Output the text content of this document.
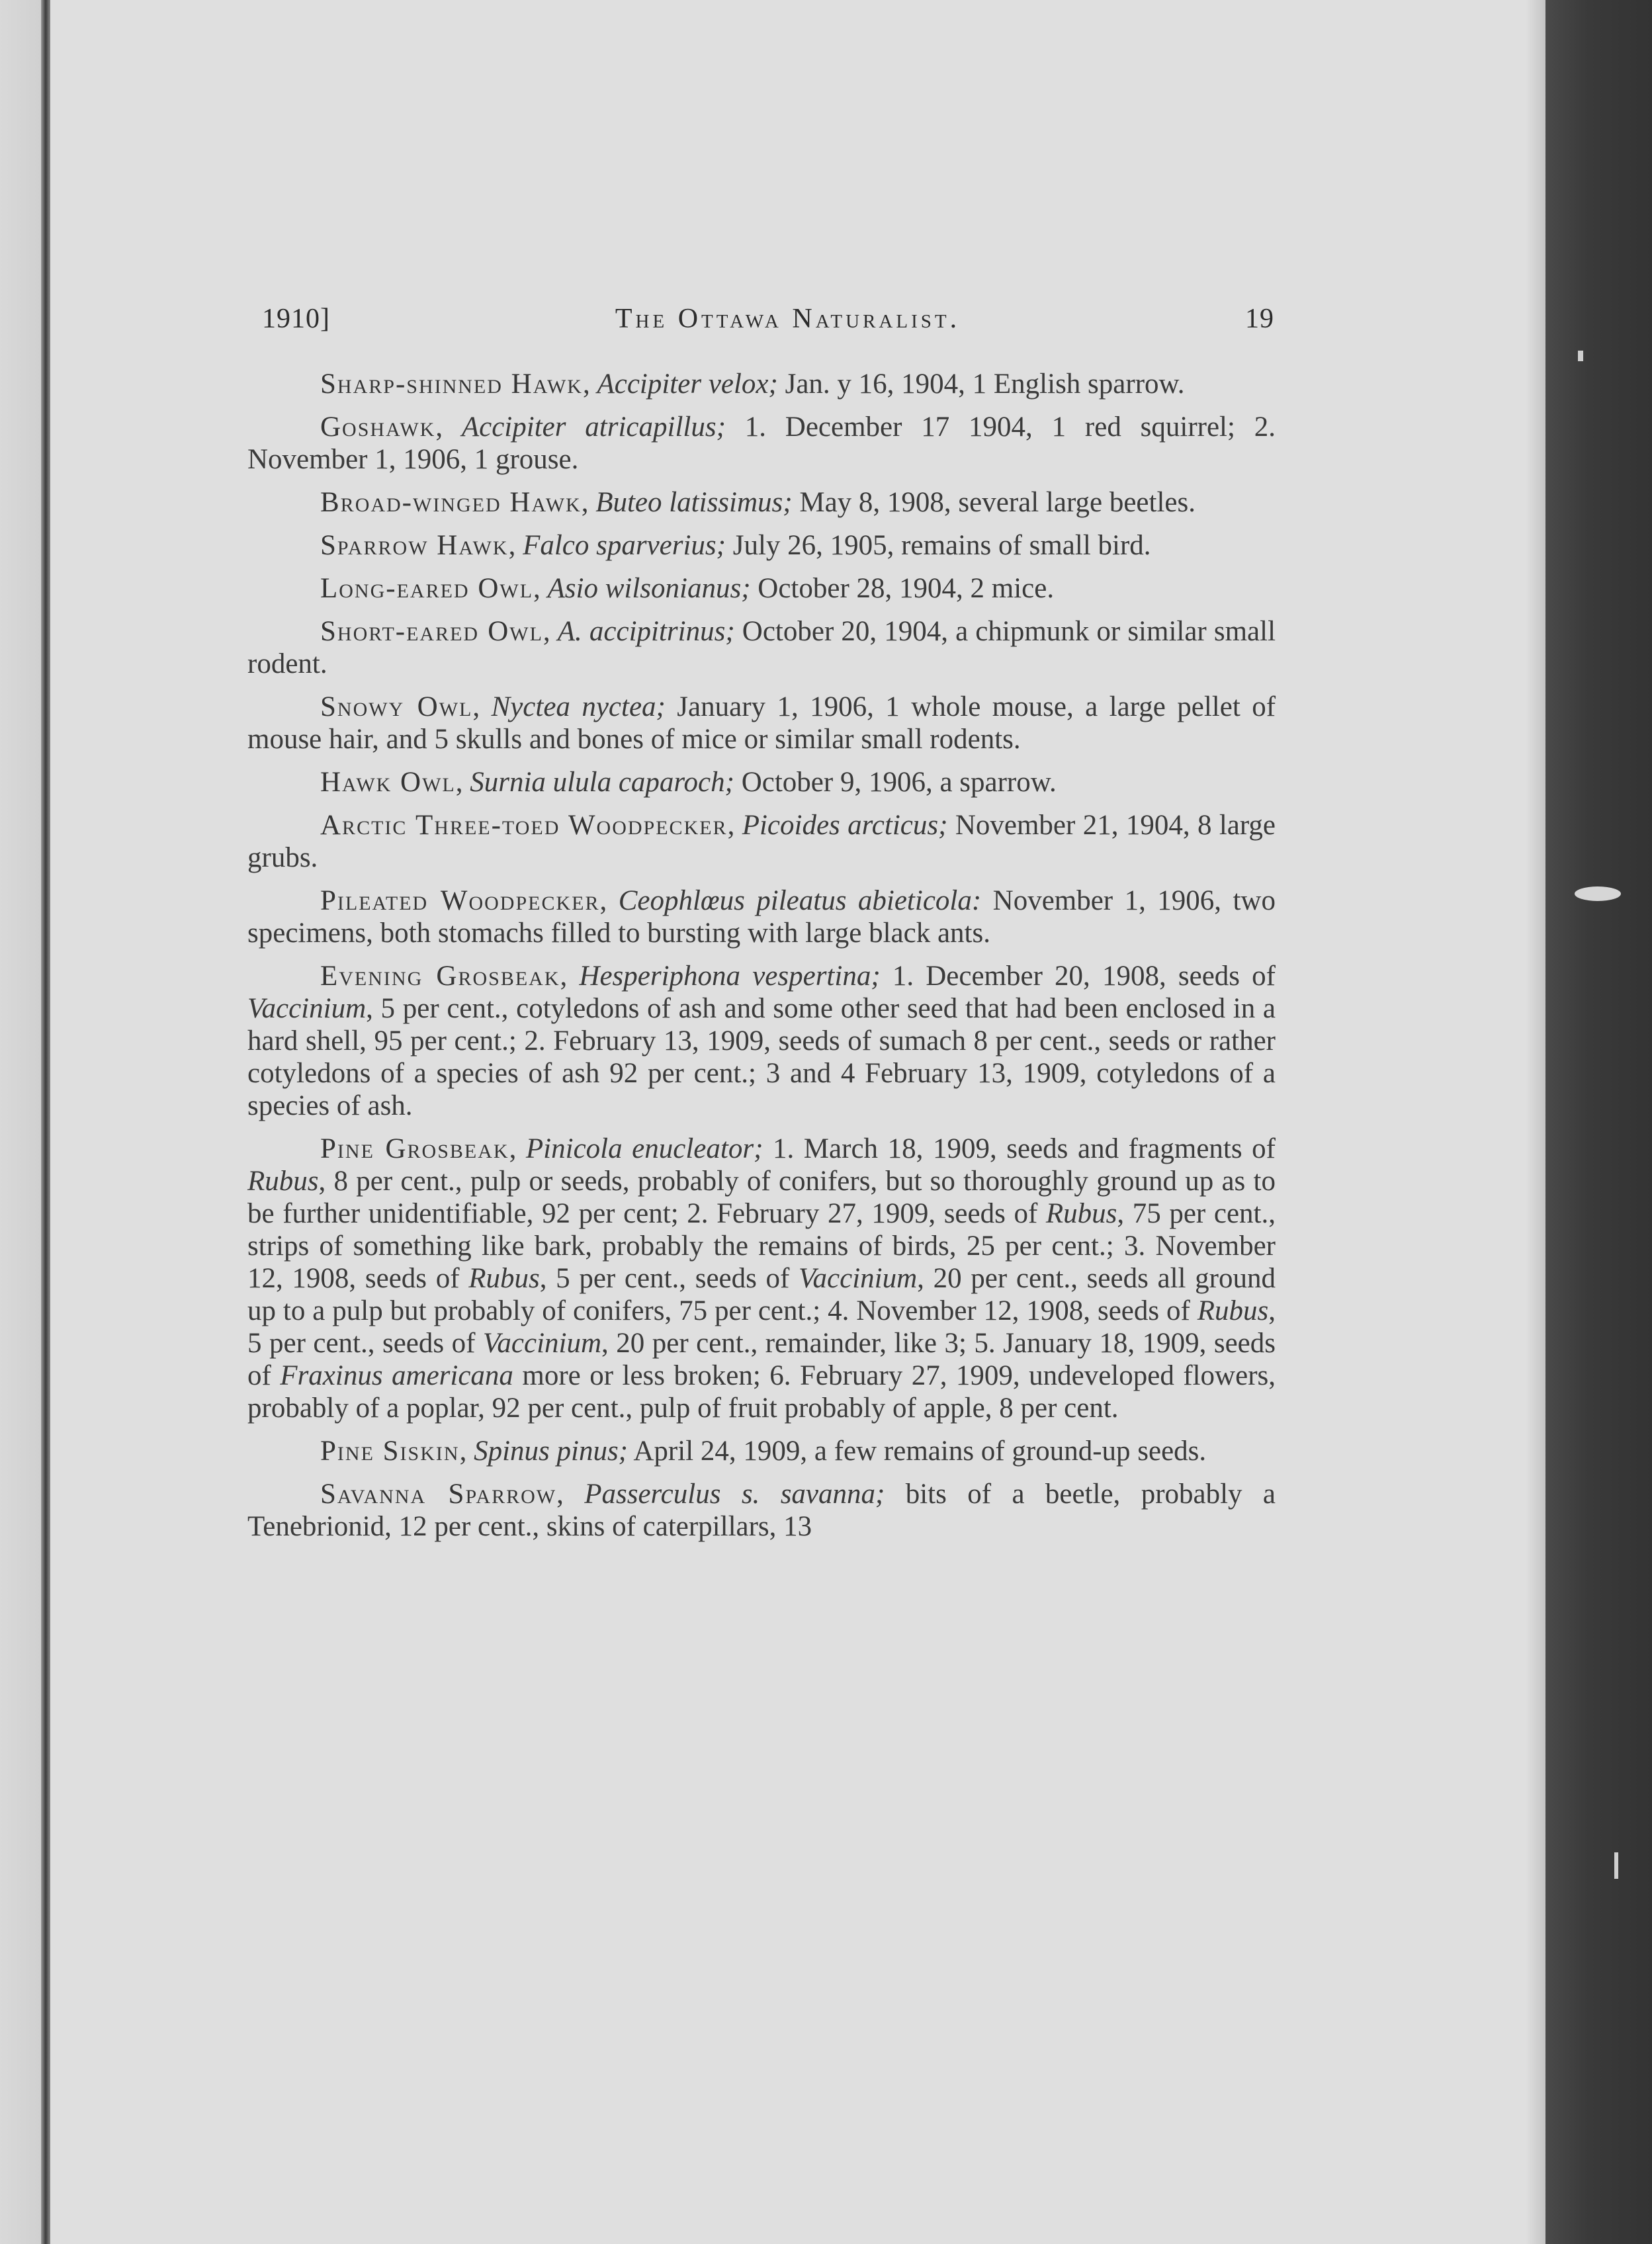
1910]	The Ottawa Naturalist.	19

Sharp-shinned Hawk, Accipiter velox; Jan. y 16, 1904, 1 English sparrow.

Goshawk, Accipiter atricapillus; 1. December 17 1904, 1 red squirrel; 2. November 1, 1906, 1 grouse.

Broad-winged Hawk, Buteo latissimus; May 8, 1908, several large beetles.

Sparrow Hawk, Falco sparverius; July 26, 1905, remains of small bird.

Long-eared Owl, Asio wilsonianus; October 28, 1904, 2 mice.

Short-eared Owl, A. accipitrinus; October 20, 1904, a chipmunk or similar small rodent.

Snowy Owl, Nyctea nyctea; January 1, 1906, 1 whole mouse, a large pellet of mouse hair, and 5 skulls and bones of mice or similar small rodents.

Hawk Owl, Surnia ulula caparoch; October 9, 1906, a sparrow.

Arctic Three-toed Woodpecker, Picoides arcticus; November 21, 1904, 8 large grubs.

Pileated Woodpecker, Ceophlœus pileatus abieticola: November 1, 1906, two specimens, both stomachs filled to bursting with large black ants.

Evening Grosbeak, Hesperiphona vespertina; 1. December 20, 1908, seeds of Vaccinium, 5 per cent., cotyledons of ash and some other seed that had been enclosed in a hard shell, 95 per cent.; 2. February 13, 1909, seeds of sumach 8 per cent., seeds or rather cotyledons of a species of ash 92 per cent.; 3 and 4 February 13, 1909, cotyledons of a species of ash.

Pine Grosbeak, Pinicola enucleator; 1. March 18, 1909, seeds and fragments of Rubus, 8 per cent., pulp or seeds, probably of conifers, but so thoroughly ground up as to be further unidentifiable, 92 per cent; 2. February 27, 1909, seeds of Rubus, 75 per cent., strips of something like bark, probably the remains of birds, 25 per cent.; 3. November 12, 1908, seeds of Rubus, 5 per cent., seeds of Vaccinium, 20 per cent., seeds all ground up to a pulp but probably of conifers, 75 per cent.; 4. November 12, 1908, seeds of Rubus, 5 per cent., seeds of Vaccinium, 20 per cent., remainder, like 3; 5. January 18, 1909, seeds of Fraxinus americana more or less broken; 6. February 27, 1909, undeveloped flowers, probably of a poplar, 92 per cent., pulp of fruit probably of apple, 8 per cent.

Pine Siskin, Spinus pinus; April 24, 1909, a few remains of ground-up seeds.

Savanna Sparrow, Passerculus s. savanna; bits of a beetle, probably a Tenebrionid, 12 per cent., skins of caterpillars, 13
